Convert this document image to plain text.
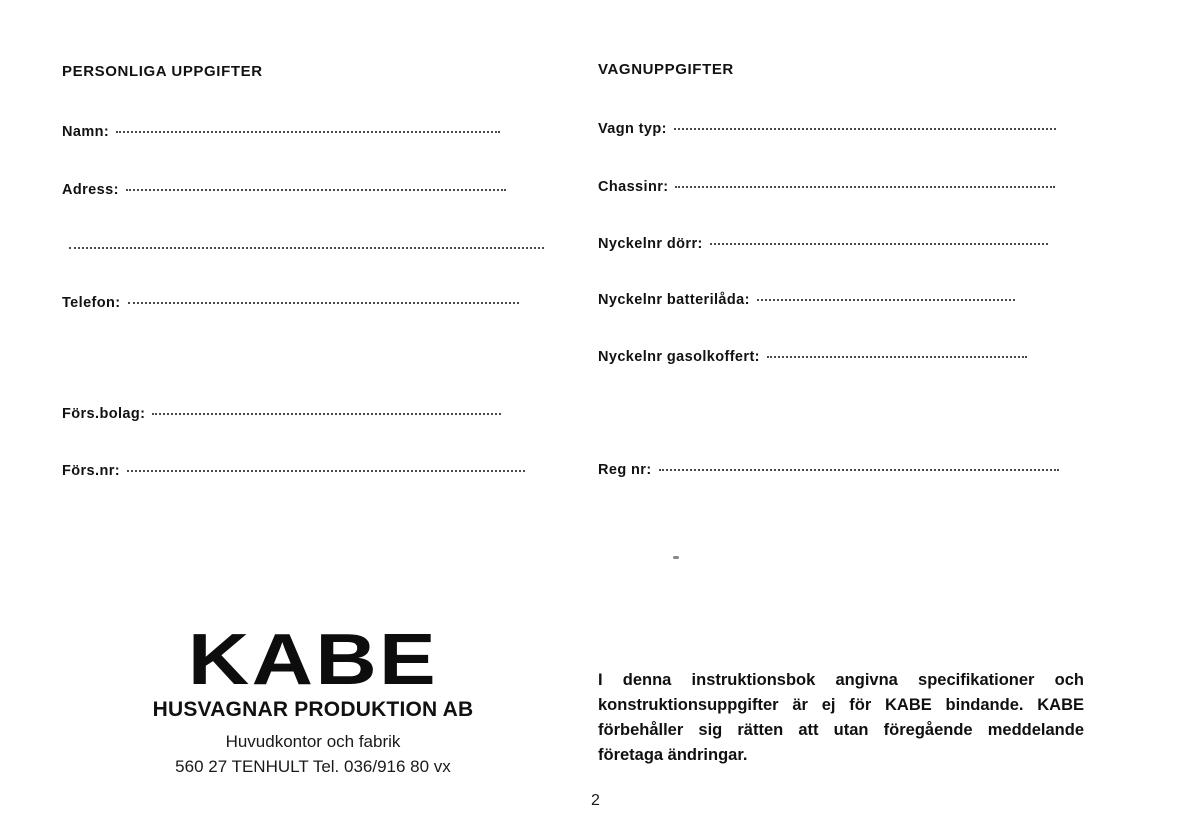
PERSONLIGA UPPGIFTER
Namn:
Adress:
Telefon:
Förs.bolag:
Förs.nr:
VAGNUPPGIFTER
Vagn typ:
Chassinr:
Nyckelnr dörr:
Nyckelnr batterilåda:
Nyckelnr gasolkoffert:
Reg nr:
KABE
HUSVAGNAR PRODUKTION AB
Huvudkontor och fabrik
560 27 TENHULT Tel. 036/916 80 vx
I denna instruktionsbok angivna specifikationer och konstruktionsuppgifter är ej för KABE bindande. KABE förbehåller sig rätten att utan föregående meddelande företaga ändringar.
2
